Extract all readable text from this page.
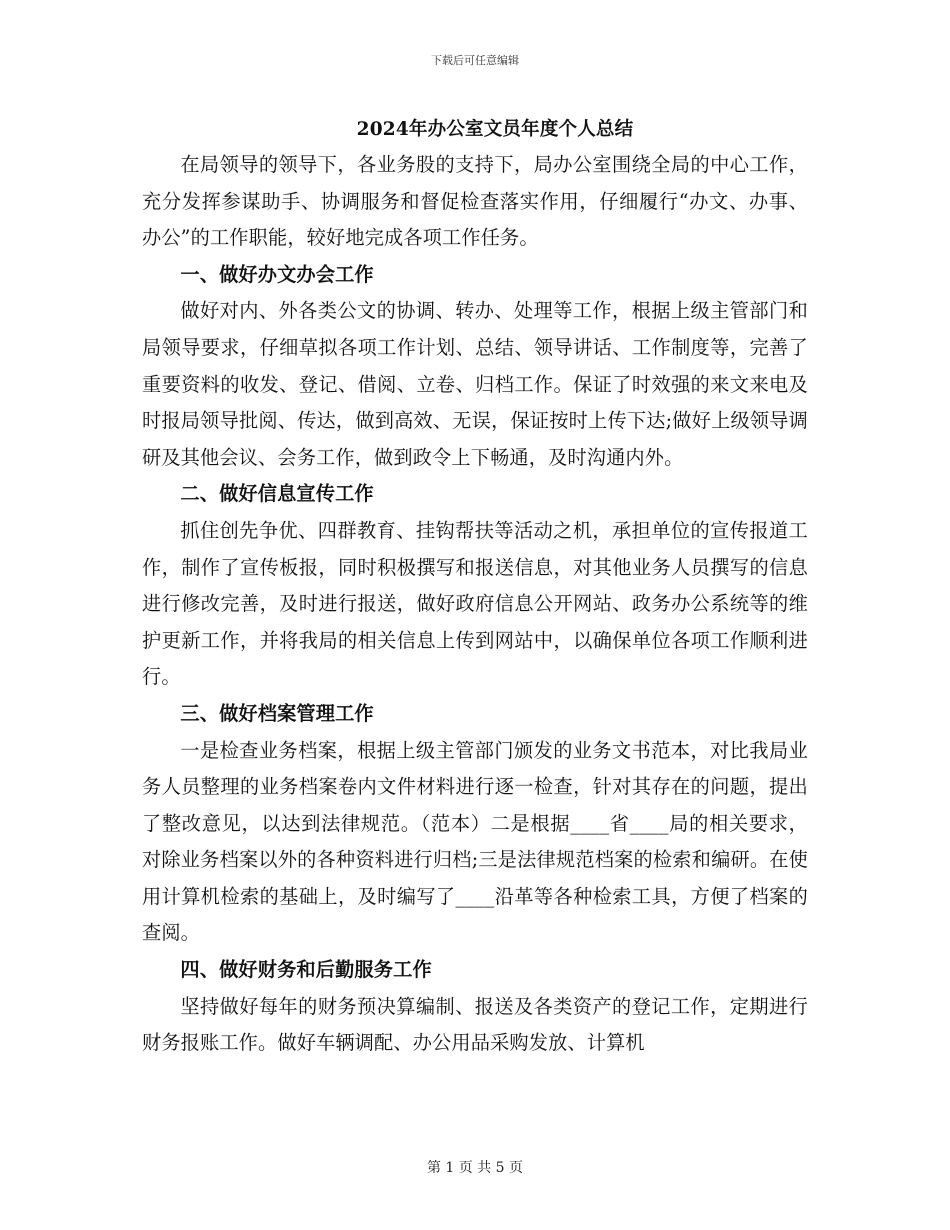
下载后可任意编辑
2024年办公室文员年度个人总结

在局领导的领导下，各业务股的支持下，局办公室围绕全局的中心工作，充分发挥参谋助手、协调服务和督促检查落实作用，仔细履行“办文、办事、办公”的工作职能，较好地完成各项工作任务。

一、做好办文办会工作

做好对内、外各类公文的协调、转办、处理等工作，根据上级主管部门和局领导要求，仔细草拟各项工作计划、总结、领导讲话、工作制度等，完善了重要资料的收发、登记、借阅、立卷、归档工作。保证了时效强的来文来电及时报局领导批阅、传达，做到高效、无误，保证按时上传下达;做好上级领导调研及其他会议、会务工作，做到政令上下畅通，及时沟通内外。

二、做好信息宣传工作

抓住创先争优、四群教育、挂钩帮扶等活动之机，承担单位的宣传报道工作，制作了宣传板报，同时积极撰写和报送信息，对其他业务人员撰写的信息进行修改完善，及时进行报送，做好政府信息公开网站、政务办公系统等的维护更新工作，并将我局的相关信息上传到网站中，以确保单位各项工作顺利进行。

三、做好档案管理工作

一是检查业务档案，根据上级主管部门颁发的业务文书范本，对比我局业务人员整理的业务档案卷内文件材料进行逐一检查，针对其存在的问题，提出了整改意见，以达到法律规范。（范本）二是根据____省____局的相关要求，对除业务档案以外的各种资料进行归档;三是法律规范档案的检索和编研。在使用计算机检索的基础上，及时编写了____沿革等各种检索工具，方便了档案的查阅。

四、做好财务和后勤服务工作

坚持做好每年的财务预决算编制、报送及各类资产的登记工作，定期进行财务报账工作。做好车辆调配、办公用品采购发放、计算机

第 1 页 共 5 页
